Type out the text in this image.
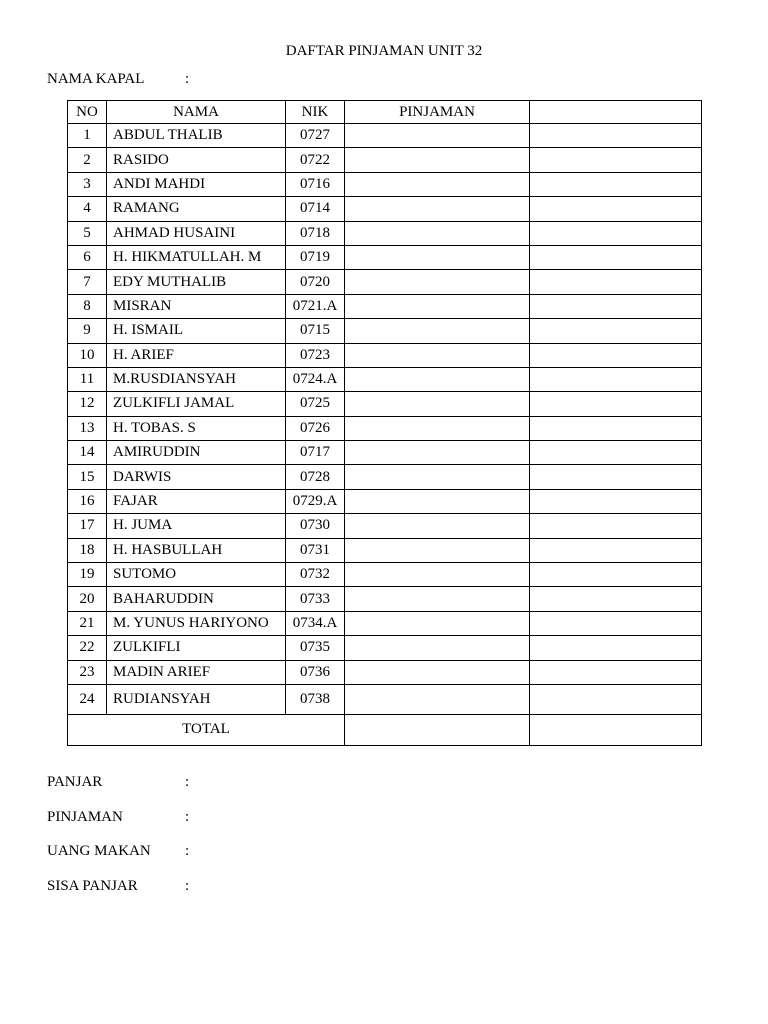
DAFTAR PINJAMAN UNIT 32
NAMA KAPAL	:
NO	NAMA	NIK	PINJAMAN	
1	ABDUL THALIB	0727		
2	RASIDO	0722		
3	ANDI MAHDI	0716		
4	RAMANG	0714		
5	AHMAD HUSAINI	0718		
6	H. HIKMATULLAH. M	0719		
7	EDY MUTHALIB	0720		
8	MISRAN	0721.A		
9	H. ISMAIL	0715		
10	H. ARIEF	0723		
11	M.RUSDIANSYAH	0724.A		
12	ZULKIFLI JAMAL	0725		
13	H. TOBAS. S	0726		
14	AMIRUDDIN	0717		
15	DARWIS	0728		
16	FAJAR	0729.A		
17	H. JUMA	0730		
18	H. HASBULLAH	0731		
19	SUTOMO	0732		
20	BAHARUDDIN	0733		
21	M. YUNUS HARIYONO	0734.A		
22	ZULKIFLI	0735		
23	MADIN ARIEF	0736		
24	RUDIANSYAH	0738		
TOTAL				
PANJAR	:
PINJAMAN	:
UANG MAKAN :
SISA PANJAR	:
